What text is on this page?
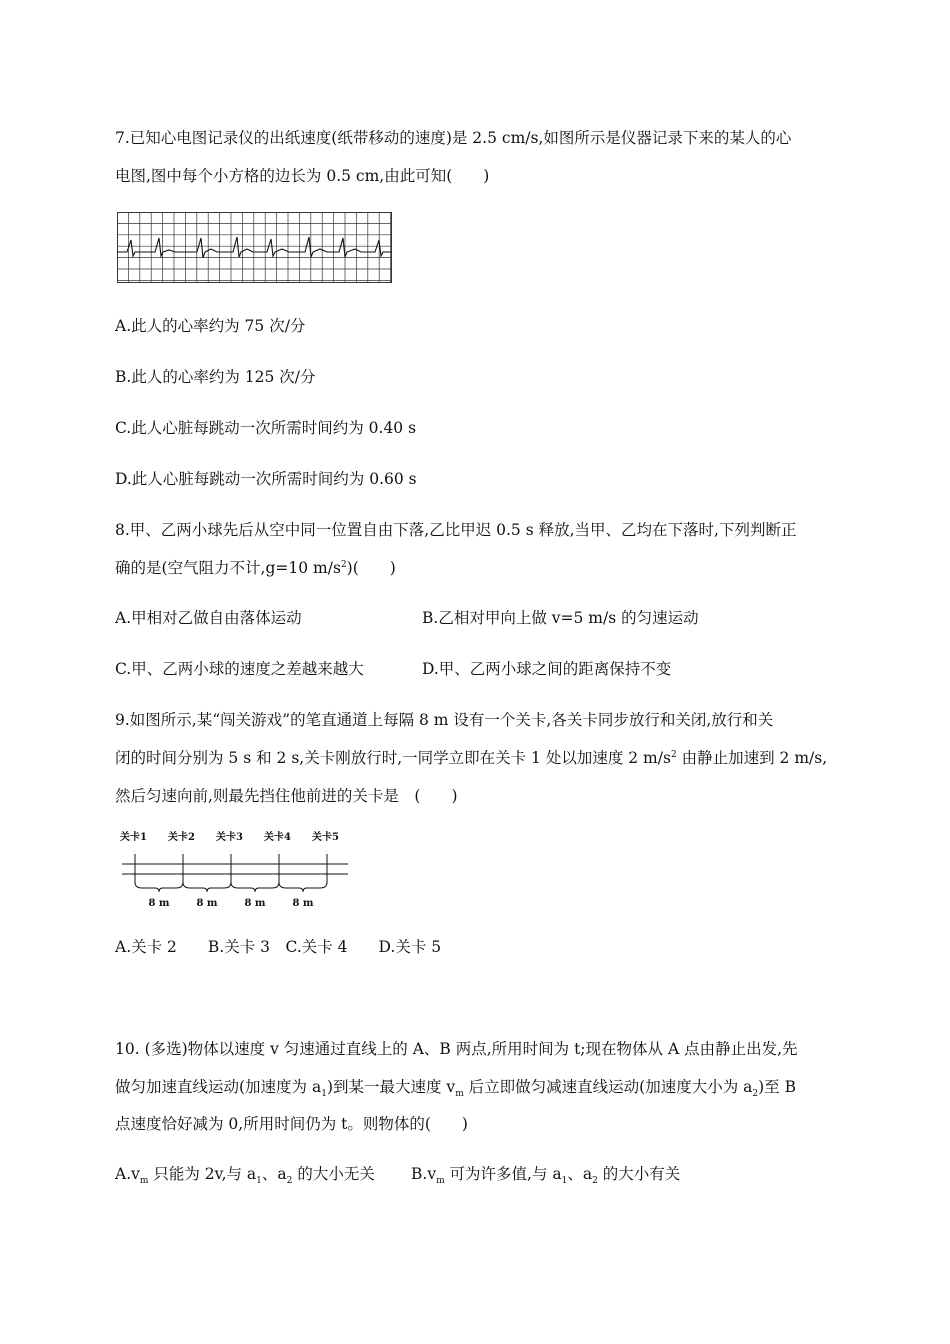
7.已知心电图记录仪的出纸速度(纸带移动的速度)是 2.5 cm/s,如图所示是仪器记录下来的某人的心
电图,图中每个小方格的边长为 0.5 cm,由此可知(　　)
A.此人的心率约为 75 次/分
B.此人的心率约为 125 次/分
C.此人心脏每跳动一次所需时间约为 0.40 s
D.此人心脏每跳动一次所需时间约为 0.60 s
8.甲、乙两小球先后从空中同一位置自由下落,乙比甲迟 0.5 s 释放,当甲、乙均在下落时,下列判断正
确的是(空气阻力不计,g=10 $m/s^2$)(　　)
A.甲相对乙做自由落体运动	B.乙相对甲向上做 v=5 m/s 的匀速运动
C.甲、乙两小球的速度之差越来越大	D.甲、乙两小球之间的距离保持不变
9.如图所示,某“闯关游戏”的笔直通道上每隔 8 m 设有一个关卡,各关卡同步放行和关闭,放行和关
闭的时间分别为 5 s 和 2 s,关卡刚放行时,一同学立即在关卡 1 处以加速度 2 $m/s^2$ 由静止加速到 2 m/s,
然后匀速向前,则最先挡住他前进的关卡是　(　　)
关卡1 关卡2 关卡3 关卡4 关卡5
8 m	8 m	8 m	8 m
A.关卡 2　　B.关卡 3　C.关卡 4　　D.关卡 5
10. (多选)物体以速度 v 匀速通过直线上的 A、B 两点,所用时间为 t;现在物体从 A 点由静止出发,先
做匀加速直线运动(加速度为 $a_1$)到某一最大速度 $v_m$ 后立即做匀减速直线运动(加速度大小为 $a_2$)至 B
点速度恰好减为 0,所用时间仍为 t。则物体的(　　)
$A.v_m$ 只能为 2v,与 $a_1$、$a_2$ 的大小无关 $B.v_m$ 可为许多值,与 $a_1$、$a_2$ 的大小有关
